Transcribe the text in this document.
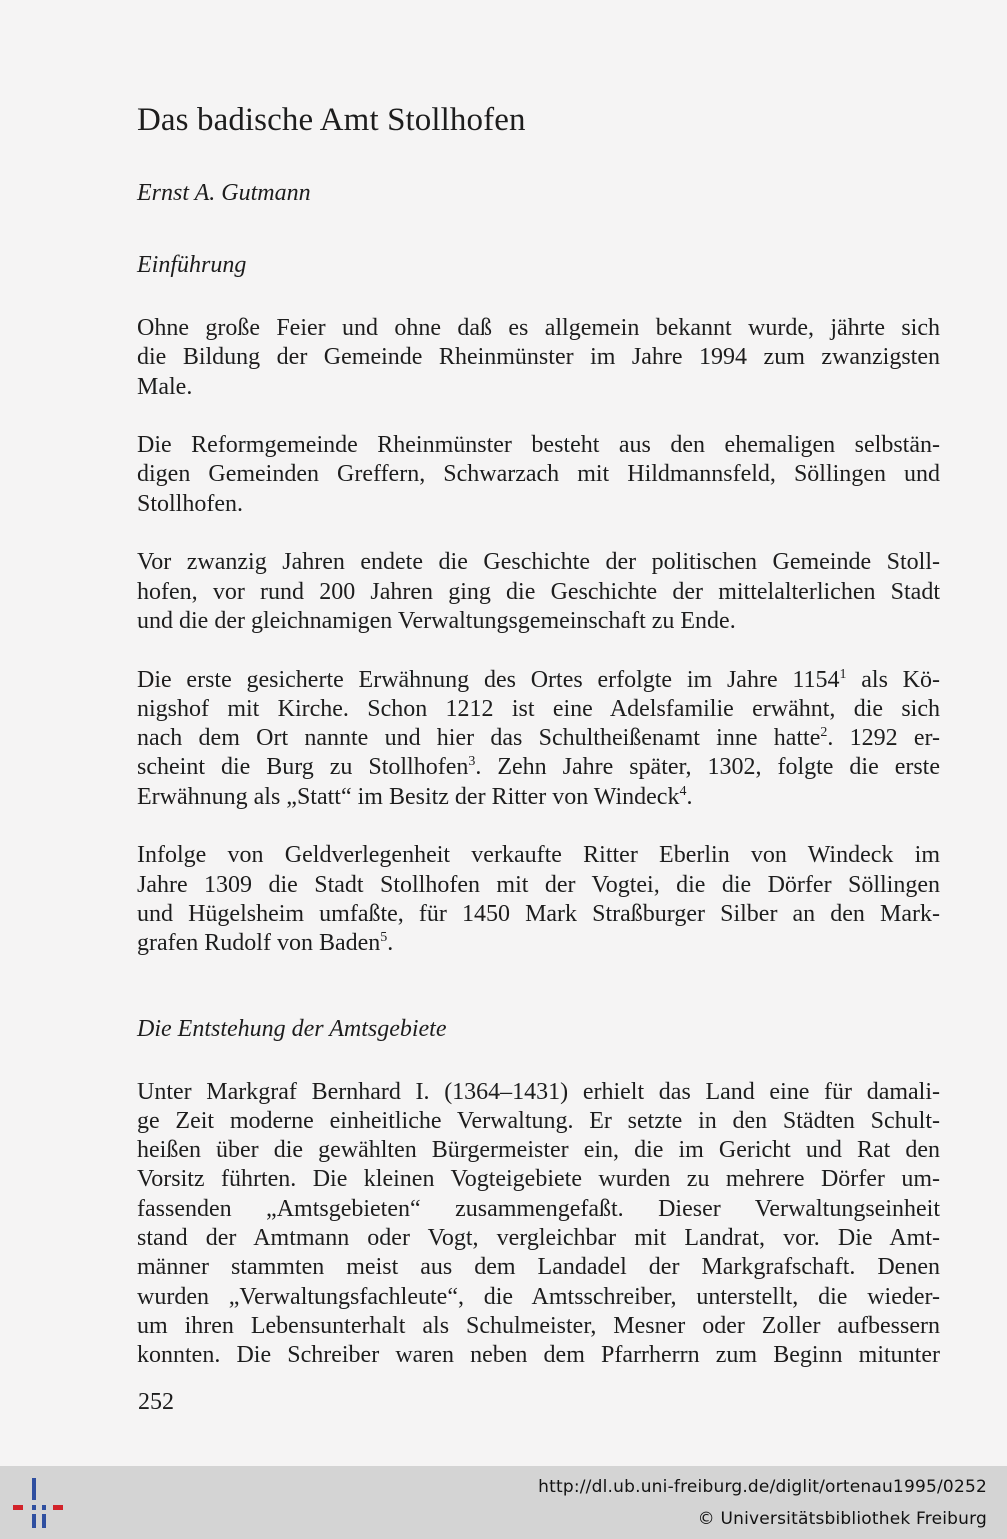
Das badische Amt Stollhofen
Ernst A. Gutmann
Einführung

Ohne große Feier und ohne daß es allgemein bekannt wurde, jährte sich
die Bildung der Gemeinde Rheinmünster im Jahre 1994 zum zwanzigsten
Male.

Die Reformgemeinde Rheinmünster besteht aus den ehemaligen selbstän-
digen Gemeinden Greffern, Schwarzach mit Hildmannsfeld, Söllingen und
Stollhofen.

Vor zwanzig Jahren endete die Geschichte der politischen Gemeinde Stoll-
hofen, vor rund 200 Jahren ging die Geschichte der mittelalterlichen Stadt
und die der gleichnamigen Verwaltungsgemeinschaft zu Ende.

Die erste gesicherte Erwähnung des Ortes erfolgte im Jahre 1154$^1$ als Kö-
nigshof mit Kirche. Schon 1212 ist eine Adelsfamilie erwähnt, die sich
nach dem Ort nannte und hier das Schultheißenamt inne hatte$^2$. 1292 er-
scheint die Burg zu Stollhofen$^3$. Zehn Jahre später, 1302, folgte die erste
Erwähnung als „Statt“ im Besitz der Ritter von Windeck$^4$.

Infolge von Geldverlegenheit verkaufte Ritter Eberlin von Windeck im
Jahre 1309 die Stadt Stollhofen mit der Vogtei, die die Dörfer Söllingen
und Hügelsheim umfaßte, für 1450 Mark Straßburger Silber an den Mark-
grafen Rudolf von Baden$^5$.

Die Entstehung der Amtsgebiete

Unter Markgraf Bernhard I. (1364–1431) erhielt das Land eine für damali-
ge Zeit moderne einheitliche Verwaltung. Er setzte in den Städten Schult-
heißen über die gewählten Bürgermeister ein, die im Gericht und Rat den
Vorsitz führten. Die kleinen Vogteigebiete wurden zu mehrere Dörfer um-
fassenden „Amtsgebieten“ zusammengefaßt. Dieser Verwaltungseinheit
stand der Amtmann oder Vogt, vergleichbar mit Landrat, vor. Die Amt-
männer stammten meist aus dem Landadel der Markgrafschaft. Denen
wurden „Verwaltungsfachleute“, die Amtsschreiber, unterstellt, die wieder-
um ihren Lebensunterhalt als Schulmeister, Mesner oder Zoller aufbessern
konnten. Die Schreiber waren neben dem Pfarrherrn zum Beginn mitunter

252
http://dl.ub.uni-freiburg.de/diglit/ortenau1995/0252
© Universitätsbibliothek Freiburg
